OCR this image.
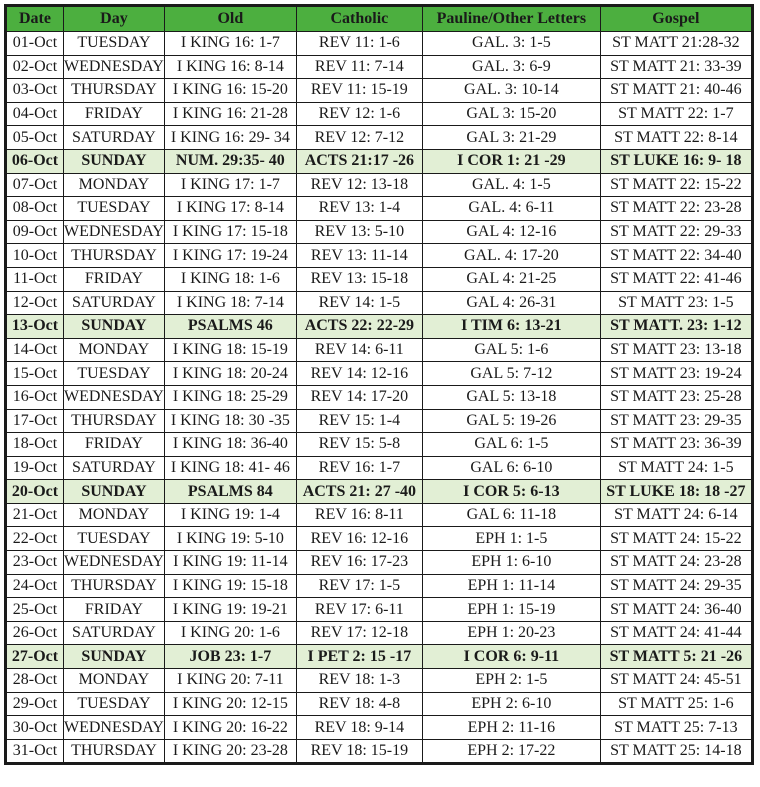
Date	Day	Old	Catholic	Pauline/Other Letters	Gospel
01-Oct	TUESDAY	I KING 16: 1-7	REV 11: 1-6	GAL. 3: 1-5	ST MATT 21:28-32
02-Oct	WEDNESDAY	I KING 16: 8-14	REV 11: 7-14	GAL. 3: 6-9	ST MATT 21: 33-39
03-Oct	THURSDAY	I KING 16: 15-20	REV 11: 15-19	GAL. 3: 10-14	ST MATT 21: 40-46
04-Oct	FRIDAY	I KING 16: 21-28	REV 12: 1-6	GAL 3: 15-20	ST MATT 22: 1-7
05-Oct	SATURDAY	I KING 16: 29- 34	REV 12: 7-12	GAL 3: 21-29	ST MATT 22: 8-14
06-Oct	SUNDAY	NUM. 29:35- 40	ACTS 21:17 -26	I COR 1: 21 -29	ST LUKE 16: 9- 18
07-Oct	MONDAY	I KING 17: 1-7	REV 12: 13-18	GAL. 4: 1-5	ST MATT 22: 15-22
08-Oct	TUESDAY	I KING 17: 8-14	REV 13: 1-4	GAL. 4: 6-11	ST MATT 22: 23-28
09-Oct	WEDNESDAY	I KING 17: 15-18	REV 13: 5-10	GAL 4: 12-16	ST MATT 22: 29-33
10-Oct	THURSDAY	I KING 17: 19-24	REV 13: 11-14	GAL. 4: 17-20	ST MATT 22: 34-40
11-Oct	FRIDAY	I KING 18: 1-6	REV 13: 15-18	GAL 4: 21-25	ST MATT 22: 41-46
12-Oct	SATURDAY	I KING 18: 7-14	REV 14: 1-5	GAL 4: 26-31	ST MATT 23: 1-5
13-Oct	SUNDAY	PSALMS 46	ACTS 22: 22-29	I TIM 6: 13-21	ST MATT. 23: 1-12
14-Oct	MONDAY	I KING 18: 15-19	REV 14: 6-11	GAL 5: 1-6	ST MATT 23: 13-18
15-Oct	TUESDAY	I KING 18: 20-24	REV 14: 12-16	GAL 5: 7-12	ST MATT 23: 19-24
16-Oct	WEDNESDAY	I KING 18: 25-29	REV 14: 17-20	GAL 5: 13-18	ST MATT 23: 25-28
17-Oct	THURSDAY	I KING 18: 30 -35	REV 15: 1-4	GAL 5: 19-26	ST MATT 23: 29-35
18-Oct	FRIDAY	I KING 18: 36-40	REV 15: 5-8	GAL 6: 1-5	ST MATT 23: 36-39
19-Oct	SATURDAY	I KING 18: 41- 46	REV 16: 1-7	GAL 6: 6-10	ST MATT 24: 1-5
20-Oct	SUNDAY	PSALMS 84	ACTS 21: 27 -40	I COR 5: 6-13	ST LUKE 18: 18 -27
21-Oct	MONDAY	I KING 19: 1-4	REV 16: 8-11	GAL 6: 11-18	ST MATT 24: 6-14
22-Oct	TUESDAY	I KING 19: 5-10	REV 16: 12-16	EPH 1: 1-5	ST MATT 24: 15-22
23-Oct	WEDNESDAY	I KING 19: 11-14	REV 16: 17-23	EPH 1: 6-10	ST MATT 24: 23-28
24-Oct	THURSDAY	I KING 19: 15-18	REV 17: 1-5	EPH 1: 11-14	ST MATT 24: 29-35
25-Oct	FRIDAY	I KING 19: 19-21	REV 17: 6-11	EPH 1: 15-19	ST MATT 24: 36-40
26-Oct	SATURDAY	I KING 20: 1-6	REV 17: 12-18	EPH 1: 20-23	ST MATT 24: 41-44
27-Oct	SUNDAY	JOB 23: 1-7	I PET 2: 15 -17	I COR 6: 9-11	ST MATT 5: 21 -26
28-Oct	MONDAY	I KING 20: 7-11	REV 18: 1-3	EPH 2: 1-5	ST MATT 24: 45-51
29-Oct	TUESDAY	I KING 20: 12-15	REV 18: 4-8	EPH 2: 6-10	ST MATT 25: 1-6
30-Oct	WEDNESDAY	I KING 20: 16-22	REV 18: 9-14	EPH 2: 11-16	ST MATT 25: 7-13
31-Oct	THURSDAY	I KING 20: 23-28	REV 18: 15-19	EPH 2: 17-22	ST MATT 25: 14-18
